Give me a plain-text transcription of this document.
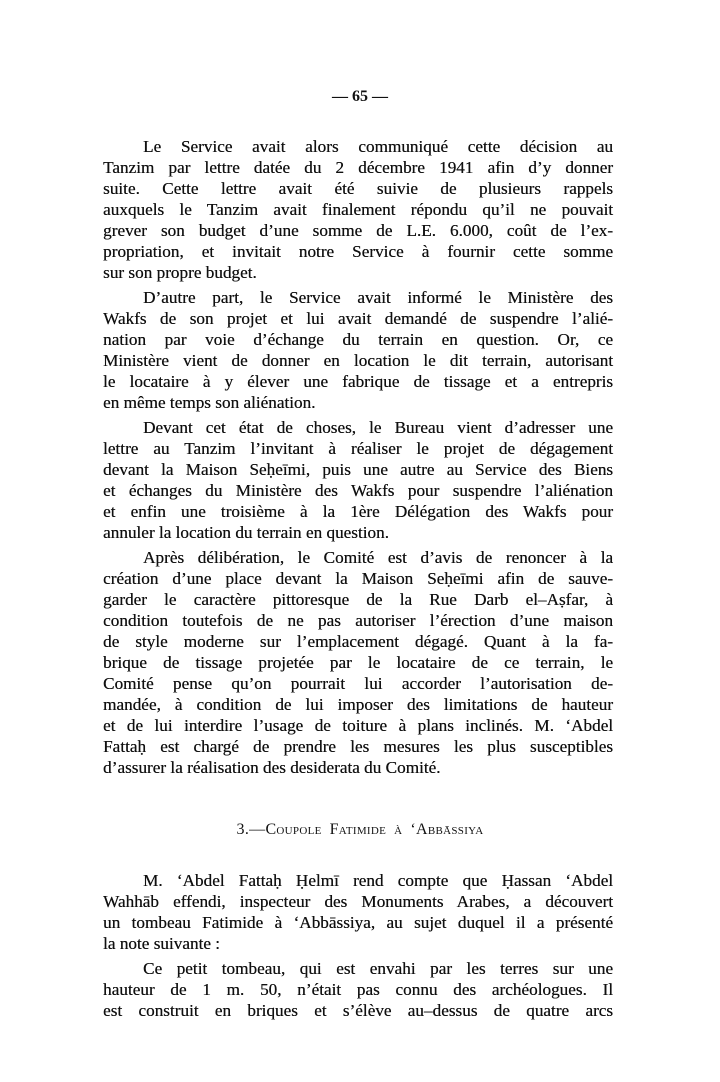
— 65 —
Le Service avait alors communiqué cette décision au
Tanzim par lettre datée du 2 décembre 1941 afin d’y donner
suite. Cette lettre avait été suivie de plusieurs rappels
auxquels le Tanzim avait finalement répondu qu’il ne pouvait
grever son budget d’une somme de L.E. 6.000, coût de l’ex-
propriation, et invitait notre Service à fournir cette somme
sur son propre budget.
D’autre part, le Service avait informé le Ministère des
Wakfs de son projet et lui avait demandé de suspendre l’alié-
nation par voie d’échange du terrain en question. Or, ce
Ministère vient de donner en location le dit terrain, autorisant
le locataire à y élever une fabrique de tissage et a entrepris
en même temps son aliénation.
Devant cet état de choses, le Bureau vient d’adresser une
lettre au Tanzim l’invitant à réaliser le projet de dégagement
devant la Maison Seḥeīmi, puis une autre au Service des Biens
et échanges du Ministère des Wakfs pour suspendre l’aliénation
et enfin une troisième à la 1ère Délégation des Wakfs pour
annuler la location du terrain en question.
Après délibération, le Comité est d’avis de renoncer à la
création d’une place devant la Maison Seḥeīmi afin de sauve-
garder le caractère pittoresque de la Rue Darb el–Aṣfar, à
condition toutefois de ne pas autoriser l’érection d’une maison
de style moderne sur l’emplacement dégagé. Quant à la fa-
brique de tissage projetée par le locataire de ce terrain, le
Comité pense qu’on pourrait lui accorder l’autorisation de-
mandée, à condition de lui imposer des limitations de hauteur
et de lui interdire l’usage de toiture à plans inclinés. M. ‘Abdel
Fattaḥ est chargé de prendre les mesures les plus susceptibles
d’assurer la réalisation des desiderata du Comité.
3.—Coupole Fatimide à ‘Abbāssiya
M. ‘Abdel Fattaḥ Ḥelmī rend compte que Ḥassan ‘Abdel
Wahhāb effendi, inspecteur des Monuments Arabes, a découvert
un tombeau Fatimide à ‘Abbāssiya, au sujet duquel il a présenté
la note suivante :
Ce petit tombeau, qui est envahi par les terres sur une
hauteur de 1 m. 50, n’était pas connu des archéologues. Il
est construit en briques et s’élève au–dessus de quatre arcs
